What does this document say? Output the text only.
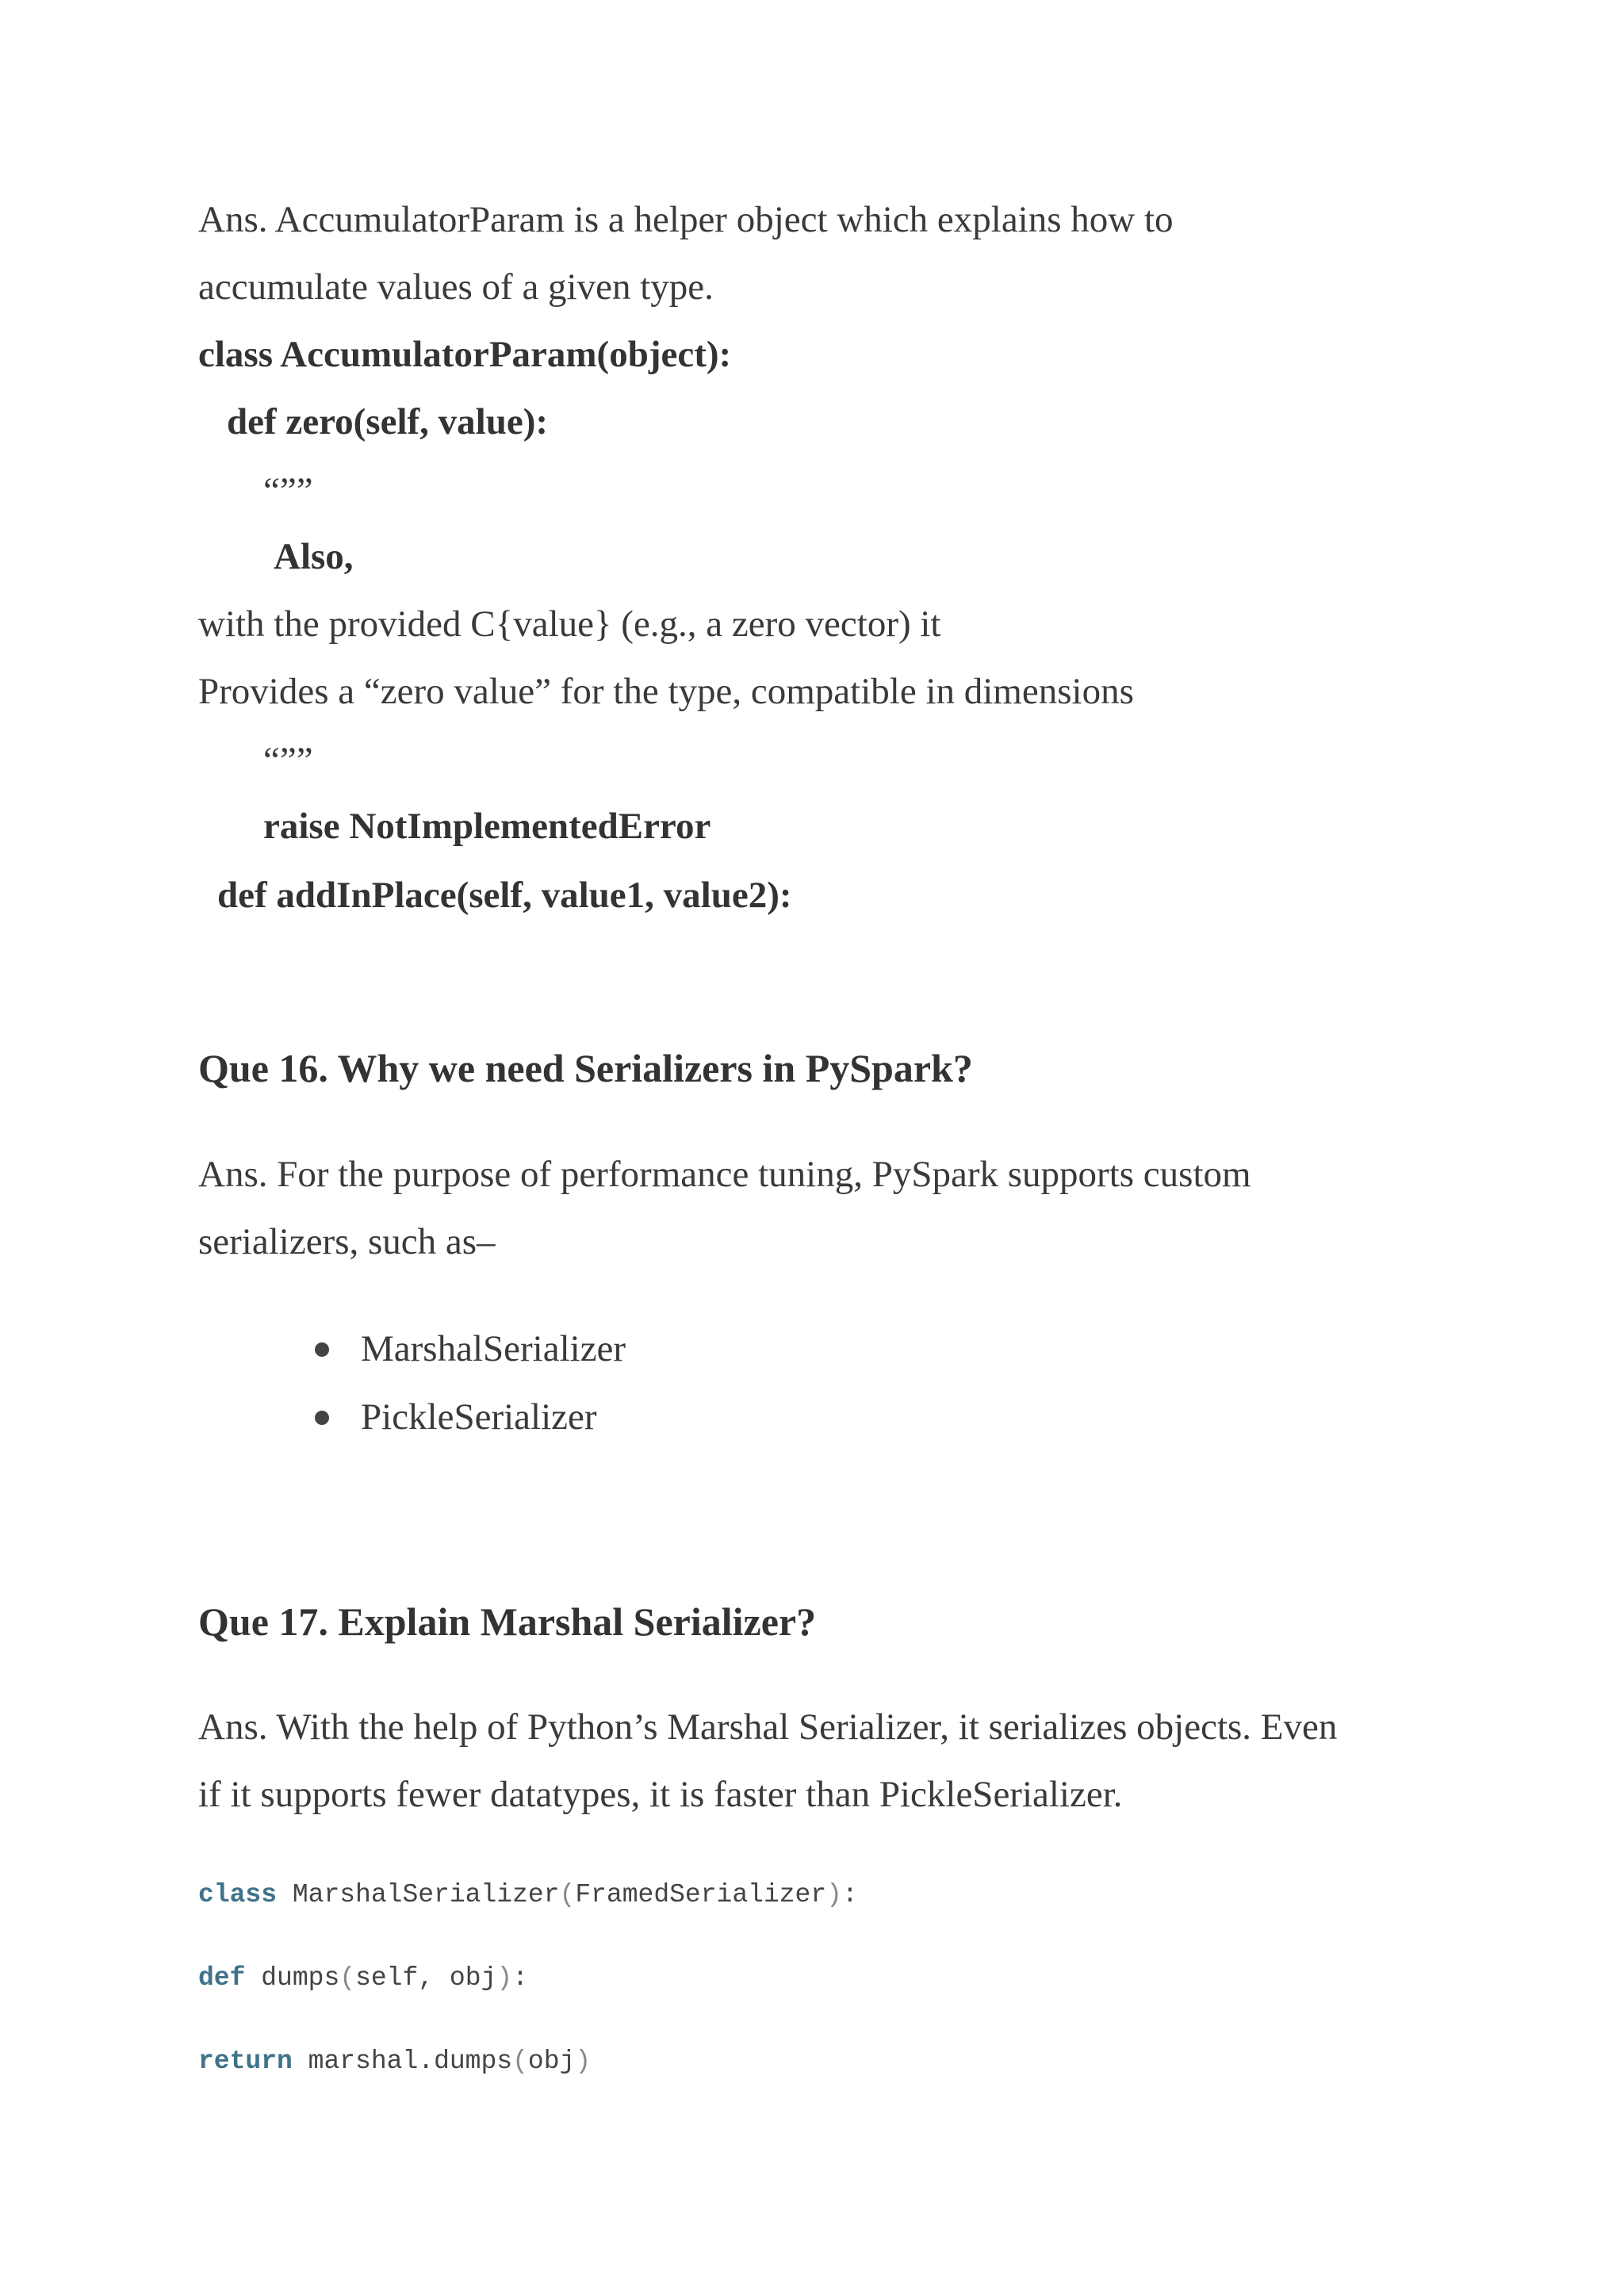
Ans. AccumulatorParam is a helper object which explains how to
accumulate values of a given type.
class AccumulatorParam(object):
def zero(self, value):
“””
Also,
with the provided C{value} (e.g., a zero vector) it
Provides a “zero value” for the type, compatible in dimensions
“””
raise NotImplementedError
def addInPlace(self, value1, value2):
Que 16. Why we need Serializers in PySpark?
Ans. For the purpose of performance tuning, PySpark supports custom
serializers, such as–
MarshalSerializer
PickleSerializer
Que 17. Explain Marshal Serializer?
Ans. With the help of Python’s Marshal Serializer, it serializes objects. Even
if it supports fewer datatypes, it is faster than PickleSerializer.
class MarshalSerializer(FramedSerializer):
def dumps(self, obj):
return marshal.dumps(obj)
